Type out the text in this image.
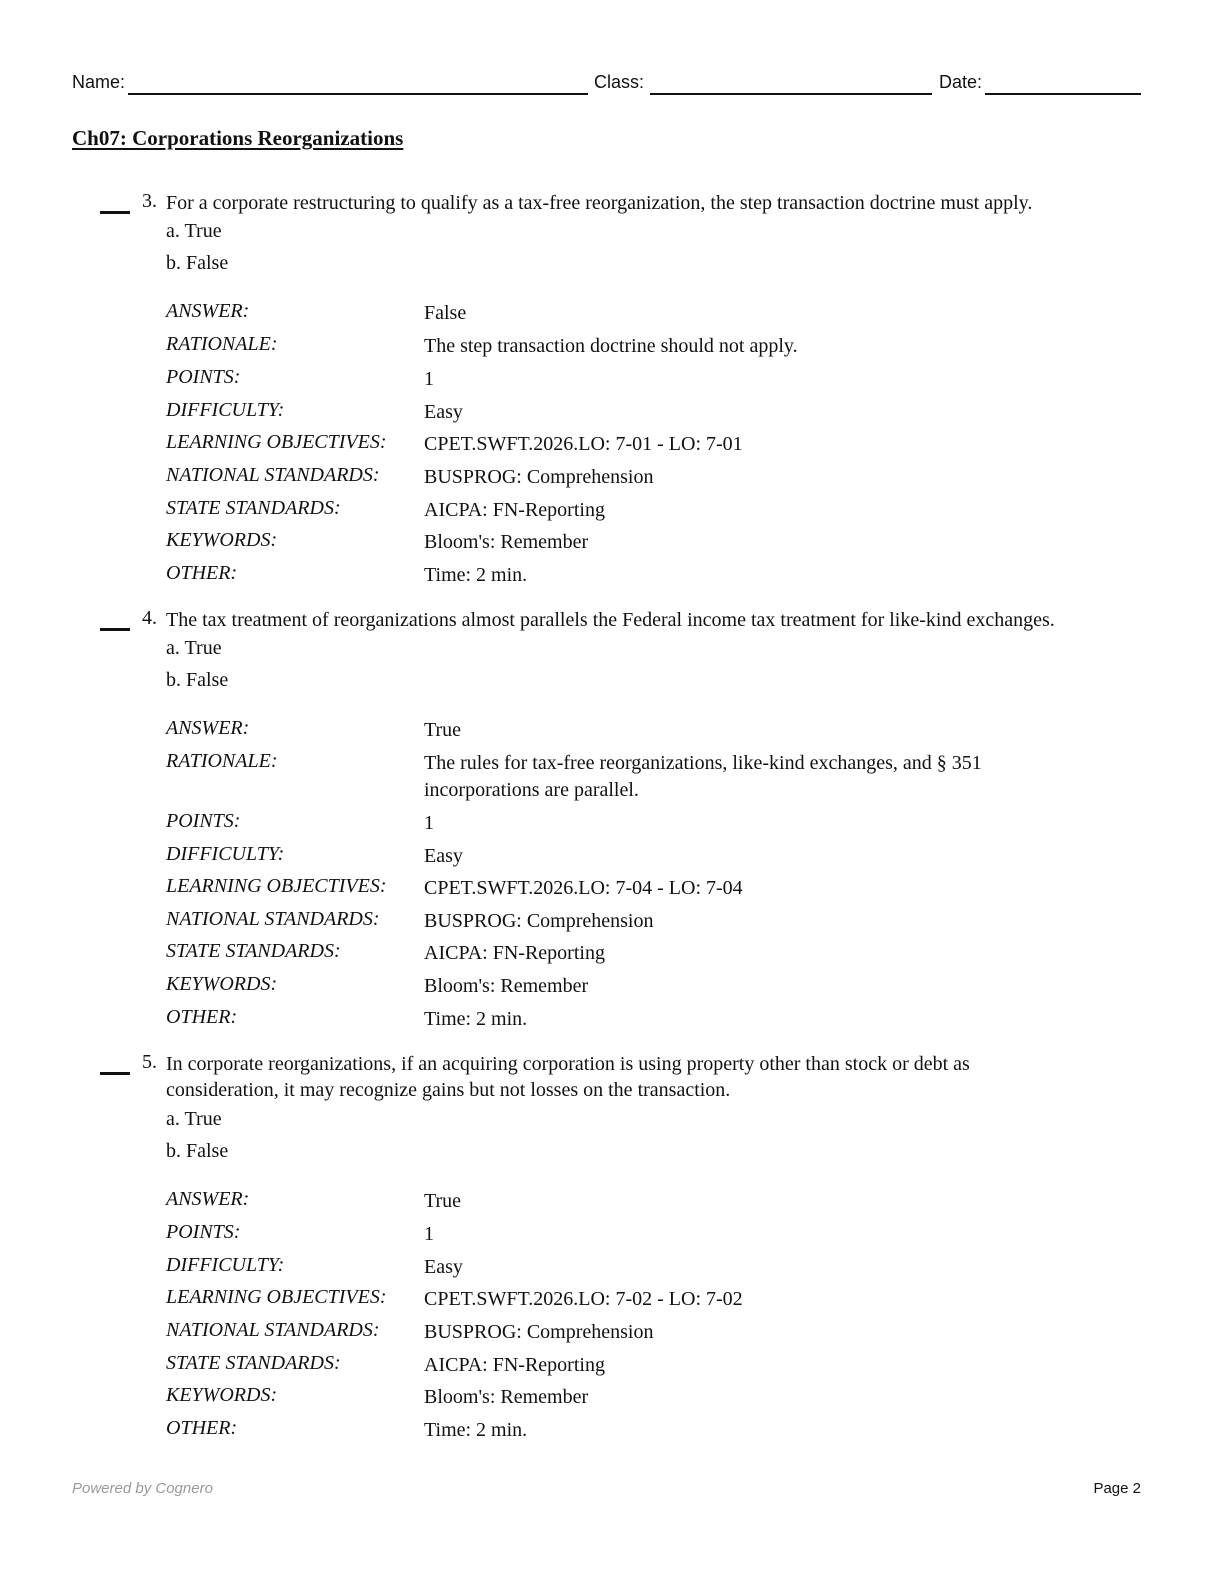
Name:	Class:	Date:
Ch07: Corporations Reorganizations
3. For a corporate restructuring to qualify as a tax-free reorganization, the step transaction doctrine must apply.
a. True
b. False
ANSWER:	False
RATIONALE:	The step transaction doctrine should not apply.
POINTS:	1
DIFFICULTY:	Easy
LEARNING OBJECTIVES: CPET.SWFT.2026.LO: 7-01 - LO: 7-01
NATIONAL STANDARDS: BUSPROG: Comprehension
STATE STANDARDS:	AICPA: FN-Reporting
KEYWORDS:	Bloom's: Remember
OTHER:	Time: 2 min.
4. The tax treatment of reorganizations almost parallels the Federal income tax treatment for like-kind exchanges.
a. True
b. False
ANSWER:	True
RATIONALE:	The rules for tax-free reorganizations, like-kind exchanges, and § 351 incorporations are parallel.
POINTS:	1
DIFFICULTY:	Easy
LEARNING OBJECTIVES: CPET.SWFT.2026.LO: 7-04 - LO: 7-04
NATIONAL STANDARDS: BUSPROG: Comprehension
STATE STANDARDS:	AICPA: FN-Reporting
KEYWORDS:	Bloom's: Remember
OTHER:	Time: 2 min.
5. In corporate reorganizations, if an acquiring corporation is using property other than stock or debt as consideration, it may recognize gains but not losses on the transaction.
a. True
b. False
ANSWER:	True
POINTS:	1
DIFFICULTY:	Easy
LEARNING OBJECTIVES: CPET.SWFT.2026.LO: 7-02 - LO: 7-02
NATIONAL STANDARDS: BUSPROG: Comprehension
STATE STANDARDS:	AICPA: FN-Reporting
KEYWORDS:	Bloom's: Remember
OTHER:	Time: 2 min.
Powered by Cognero	Page 2
